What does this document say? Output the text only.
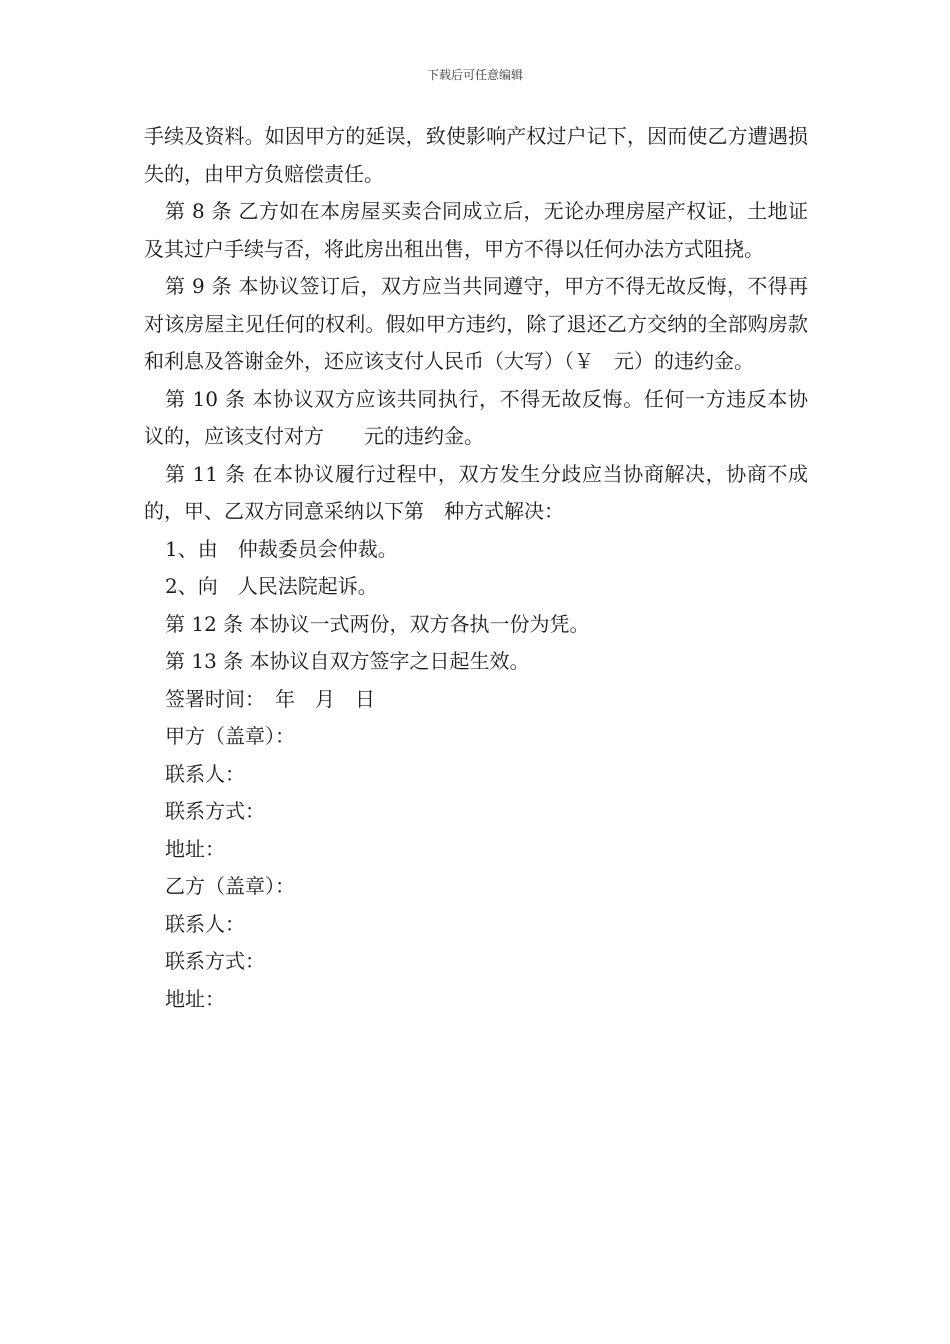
下载后可任意编辑

手续及资料。如因甲方的延误，致使影响产权过户记下，因而使乙方遭遇损失的，由甲方负赔偿责任。

第 8 条 乙方如在本房屋买卖合同成立后，无论办理房屋产权证，土地证及其过户手续与否，将此房出租出售，甲方不得以任何办法方式阻挠。

第 9 条 本协议签订后，双方应当共同遵守，甲方不得无故反悔，不得再对该房屋主见任何的权利。假如甲方违约，除了退还乙方交纳的全部购房款和利息及答谢金外，还应该支付人民币（大写）（￥　元）的违约金。

第 10 条 本协议双方应该共同执行，不得无故反悔。任何一方违反本协议的，应该支付对方　　元的违约金。

第 11 条 在本协议履行过程中，双方发生分歧应当协商解决，协商不成的，甲、乙双方同意采纳以下第　种方式解决：

1、由　仲裁委员会仲裁。

2、向　人民法院起诉。

第 12 条 本协议一式两份，双方各执一份为凭。

第 13 条 本协议自双方签字之日起生效。

签署时间：　年　月　日

甲方（盖章）：

联系人：

联系方式：

地址：

乙方（盖章）：

联系人：

联系方式：

地址：
